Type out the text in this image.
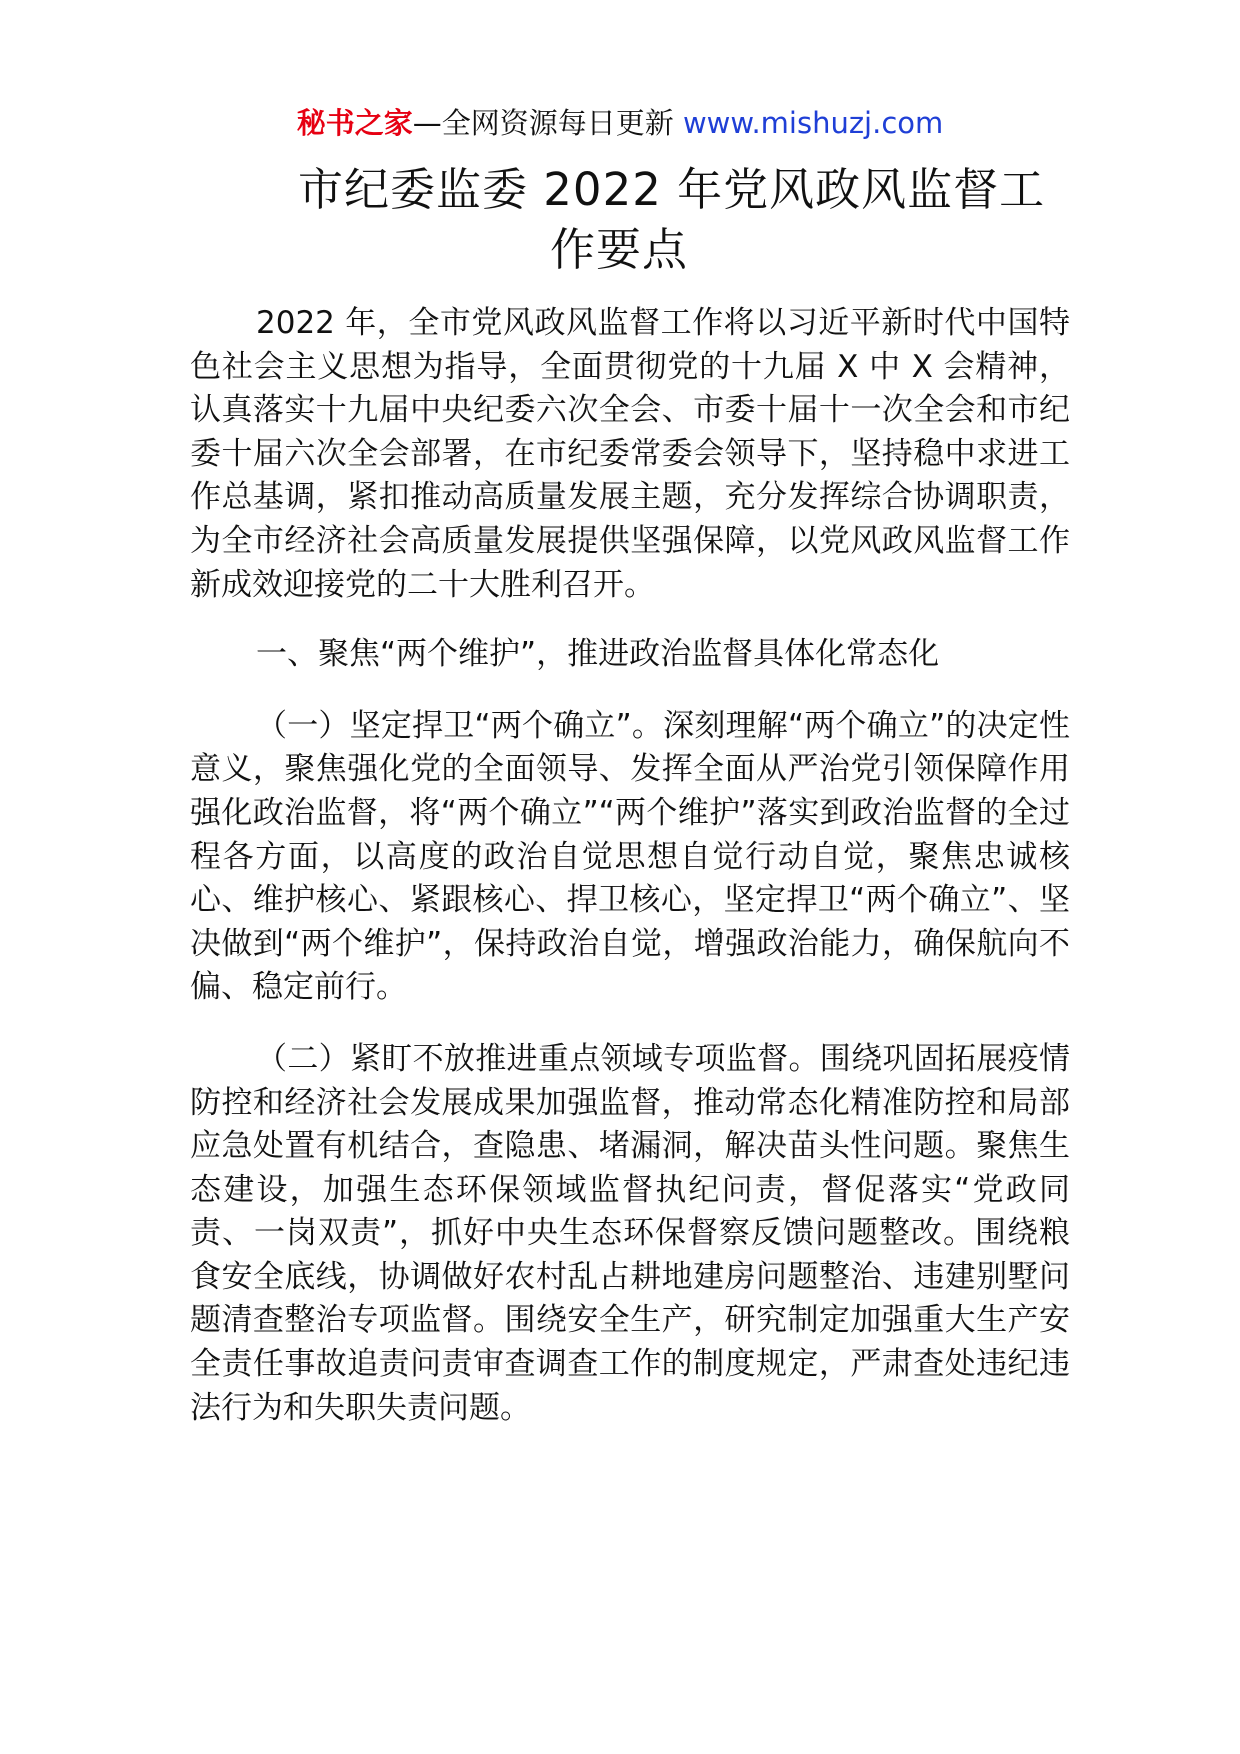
秘书之家—全网资源每日更新 www.mishuzj.com
市纪委监委 2022 年党风政风监督工
作要点

2022 年，全市党风政风监督工作将以习近平新时代中国特色社会主义思想为指导，全面贯彻党的十九届 X 中 X 会精神，认真落实十九届中央纪委六次全会、市委十届十一次全会和市纪委十届六次全会部署，在市纪委常委会领导下，坚持稳中求进工作总基调，紧扣推动高质量发展主题，充分发挥综合协调职责，为全市经济社会高质量发展提供坚强保障，以党风政风监督工作新成效迎接党的二十大胜利召开。

一、聚焦“两个维护”，推进政治监督具体化常态化

（一）坚定捍卫“两个确立”。深刻理解“两个确立”的决定性意义，聚焦强化党的全面领导、发挥全面从严治党引领保障作用强化政治监督，将“两个确立”“两个维护”落实到政治监督的全过程各方面，以高度的政治自觉思想自觉行动自觉，聚焦忠诚核心、维护核心、紧跟核心、捍卫核心，坚定捍卫“两个确立”、坚决做到“两个维护”，保持政治自觉，增强政治能力，确保航向不偏、稳定前行。

（二）紧盯不放推进重点领域专项监督。围绕巩固拓展疫情防控和经济社会发展成果加强监督，推动常态化精准防控和局部应急处置有机结合，查隐患、堵漏洞，解决苗头性问题。聚焦生态建设，加强生态环保领域监督执纪问责，督促落实“党政同责、一岗双责”，抓好中央生态环保督察反馈问题整改。围绕粮食安全底线，协调做好农村乱占耕地建房问题整治、违建别墅问题清查整治专项监督。围绕安全生产，研究制定加强重大生产安全责任事故追责问责审查调查工作的制度规定，严肃查处违纪违法行为和失职失责问题。
